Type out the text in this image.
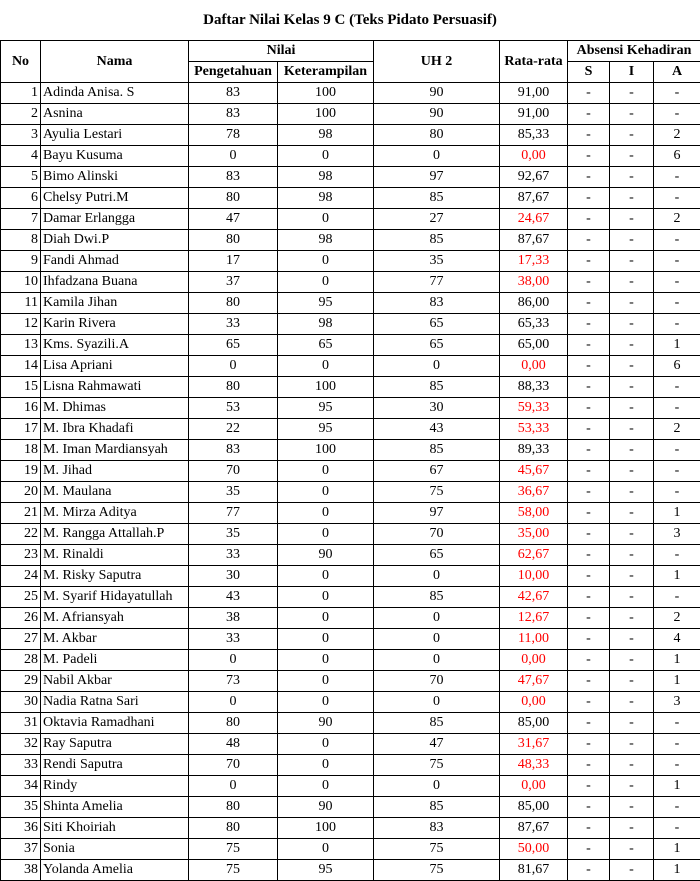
Daftar Nilai Kelas 9 C (Teks Pidato Persuasif)
No	Nama	Nilai		UH 2	Rata-rata	Absensi Kehadiran		
		Pengetahuan	Keterampilan			S	I	A
1	Adinda Anisa. S	83	100	90	91,00	-	-	-
2	Asnina	83	100	90	91,00	-	-	-
3	Ayulia Lestari	78	98	80	85,33	-	-	2
4	Bayu Kusuma	0	0	0	0,00	-	-	6
5	Bimo Alinski	83	98	97	92,67	-	-	-
6	Chelsy Putri.M	80	98	85	87,67	-	-	-
7	Damar Erlangga	47	0	27	24,67	-	-	2
8	Diah Dwi.P	80	98	85	87,67	-	-	-
9	Fandi Ahmad	17	0	35	17,33	-	-	-
10	Ihfadzana Buana	37	0	77	38,00	-	-	-
11	Kamila Jihan	80	95	83	86,00	-	-	-
12	Karin Rivera	33	98	65	65,33	-	-	-
13	Kms. Syazili.A	65	65	65	65,00	-	-	1
14	Lisa Apriani	0	0	0	0,00	-	-	6
15	Lisna Rahmawati	80	100	85	88,33	-	-	-
16	M. Dhimas	53	95	30	59,33	-	-	-
17	M. Ibra Khadafi	22	95	43	53,33	-	-	2
18	M. Iman Mardiansyah	83	100	85	89,33	-	-	-
19	M. Jihad	70	0	67	45,67	-	-	-
20	M. Maulana	35	0	75	36,67	-	-	-
21	M. Mirza Aditya	77	0	97	58,00	-	-	1
22	M. Rangga Attallah.P	35	0	70	35,00	-	-	3
23	M. Rinaldi	33	90	65	62,67	-	-	-
24	M. Risky Saputra	30	0	0	10,00	-	-	1
25	M. Syarif Hidayatullah	43	0	85	42,67	-	-	-
26	M. Afriansyah	38	0	0	12,67	-	-	2
27	M. Akbar	33	0	0	11,00	-	-	4
28	M. Padeli	0	0	0	0,00	-	-	1
29	Nabil Akbar	73	0	70	47,67	-	-	1
30	Nadia Ratna Sari	0	0	0	0,00	-	-	3
31	Oktavia Ramadhani	80	90	85	85,00	-	-	-
32	Ray Saputra	48	0	47	31,67	-	-	-
33	Rendi Saputra	70	0	75	48,33	-	-	-
34	Rindy	0	0	0	0,00	-	-	1
35	Shinta Amelia	80	90	85	85,00	-	-	-
36	Siti Khoiriah	80	100	83	87,67	-	-	-
37	Sonia	75	0	75	50,00	-	-	1
38	Yolanda Amelia	75	95	75	81,67	-	-	1
